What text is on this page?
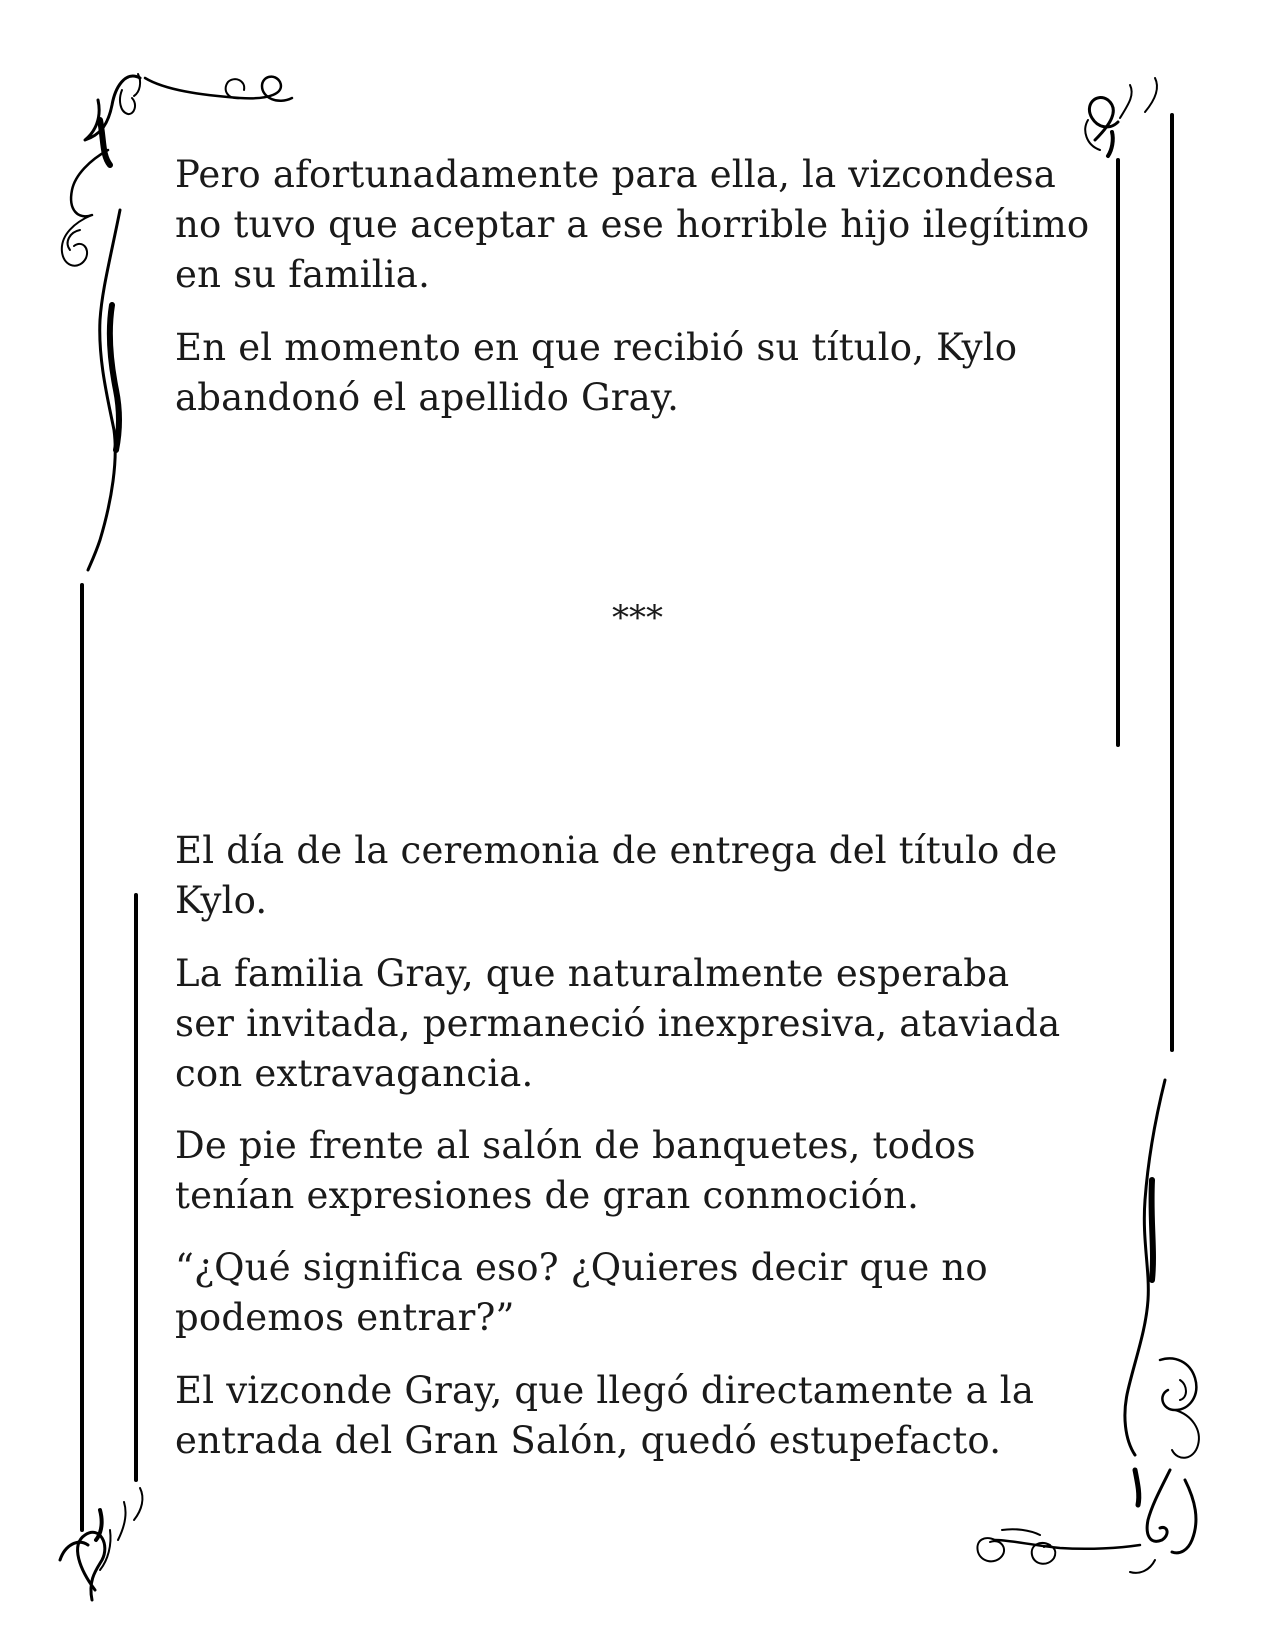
Pero afortunadamente para ella, la vizcondesa
no tuvo que aceptar a ese horrible hijo ilegítimo
en su familia.

En el momento en que recibió su título, Kylo
abandonó el apellido Gray.

***

El día de la ceremonia de entrega del título de
Kylo.

La familia Gray, que naturalmente esperaba
ser invitada, permaneció inexpresiva, ataviada
con extravagancia.

De pie frente al salón de banquetes, todos
tenían expresiones de gran conmoción.

“¿Qué significa eso? ¿Quieres decir que no
podemos entrar?”

El vizconde Gray, que llegó directamente a la
entrada del Gran Salón, quedó estupefacto.
